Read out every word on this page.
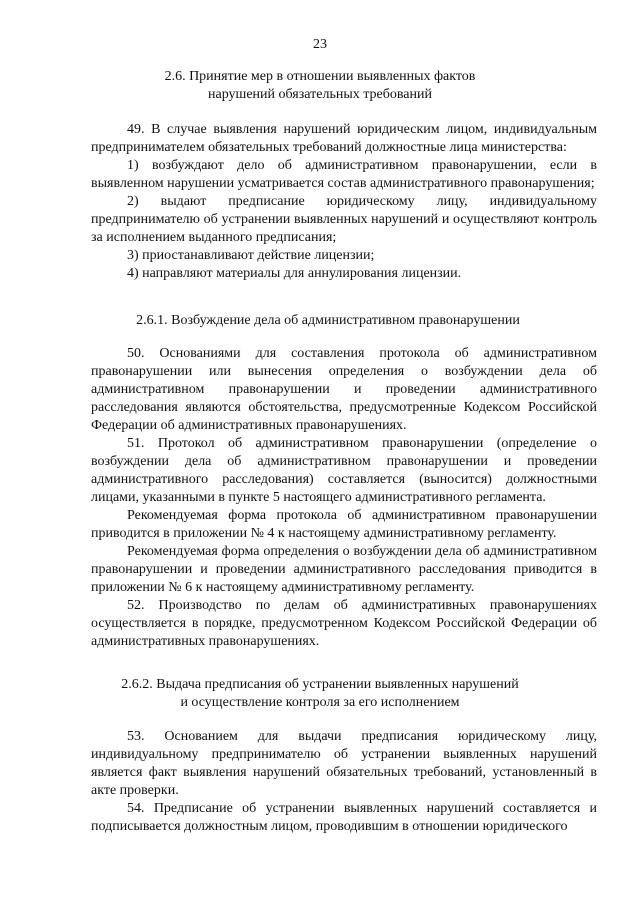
23
2.6. Принятие мер в отношении выявленных фактов
нарушений обязательных требований

49. В случае выявления нарушений юридическим лицом, индивидуальным предпринимателем обязательных требований должностные лица министерства:

1) возбуждают дело об административном правонарушении, если в выявленном нарушении усматривается состав административного правонарушения;

2) выдают предписание юридическому лицу, индивидуальному предпринимателю об устранении выявленных нарушений и осуществляют контроль за исполнением выданного предписания;

3) приостанавливают действие лицензии;

4) направляют материалы для аннулирования лицензии.

2.6.1. Возбуждение дела об административном правонарушении

50. Основаниями для составления протокола об административном правонарушении или вынесения определения о возбуждении дела об административном правонарушении и проведении административного расследования являются обстоятельства, предусмотренные Кодексом Российской Федерации об административных правонарушениях.

51. Протокол об административном правонарушении (определение о возбуждении дела об административном правонарушении и проведении административного расследования) составляется (выносится) должностными лицами, указанными в пункте 5 настоящего административного регламента.

Рекомендуемая форма протокола об административном правонарушении приводится в приложении № 4 к настоящему административному регламенту.

Рекомендуемая форма определения о возбуждении дела об административном правонарушении и проведении административного расследования приводится в приложении № 6 к настоящему административному регламенту.

52. Производство по делам об административных правонарушениях осуществляется в порядке, предусмотренном Кодексом Российской Федерации об административных правонарушениях.

2.6.2. Выдача предписания об устранении выявленных нарушений
и осуществление контроля за его исполнением

53. Основанием для выдачи предписания юридическому лицу, индивидуальному предпринимателю об устранении выявленных нарушений является факт выявления нарушений обязательных требований, установленный в акте проверки.

54. Предписание об устранении выявленных нарушений составляется и подписывается должностным лицом, проводившим в отношении юридического
